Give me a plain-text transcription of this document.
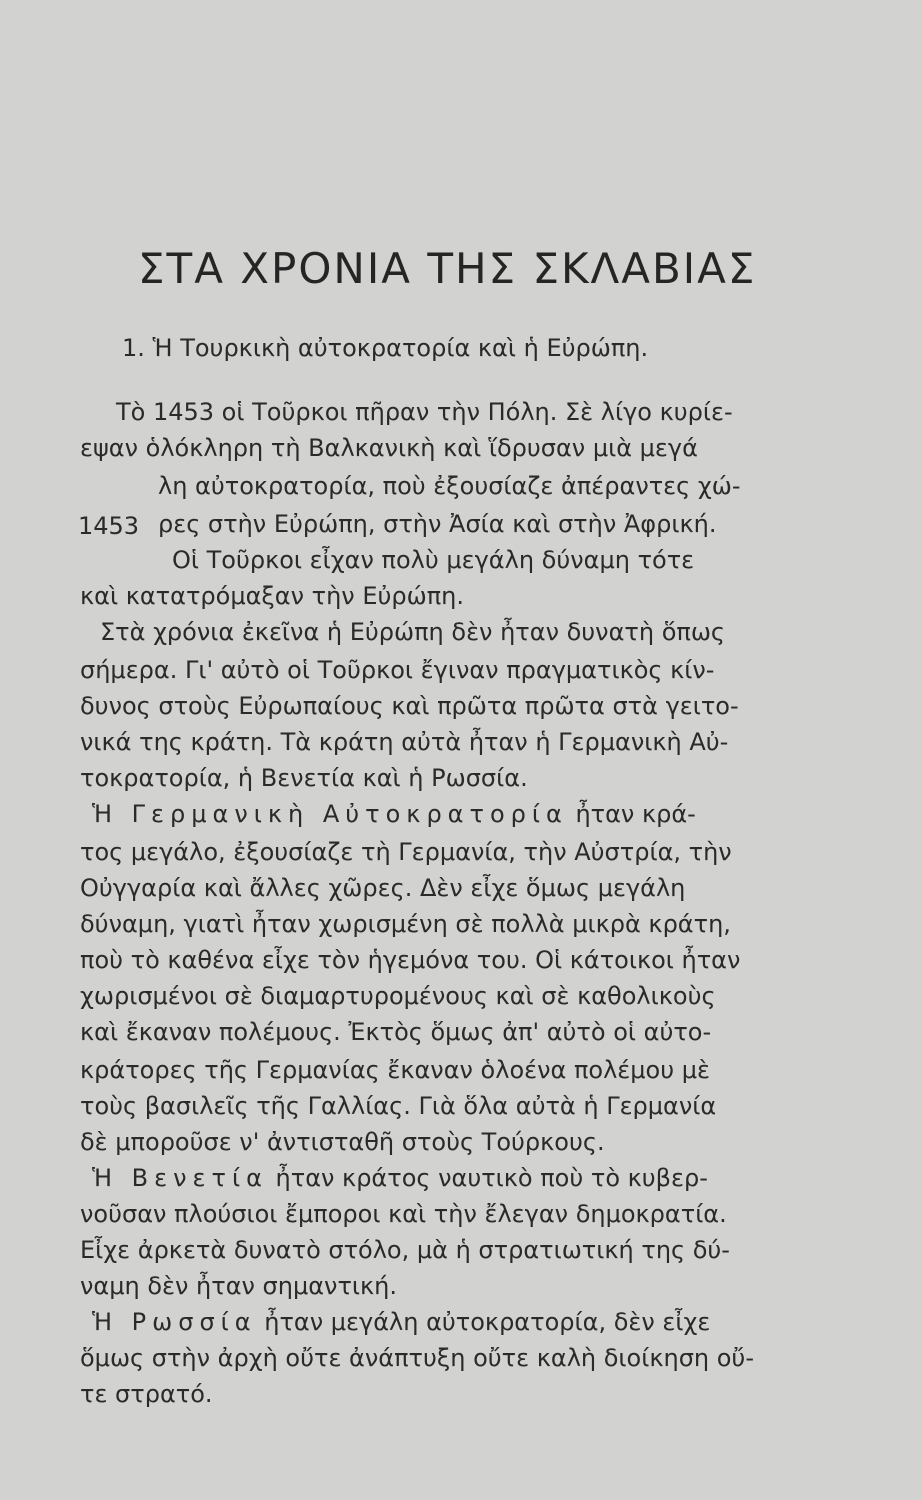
ΣΤΑ ΧΡΟΝΙΑ ΤΗΣ ΣΚΛΑΒΙΑΣ
1. Ἡ Τουρκικὴ αὐτοκρατορία καὶ ἡ Εὐρώπη.
1453
Τὸ 1453 οἱ Τοῦρκοι πῆραν τὴν Πόλη. Σὲ λίγο κυρίε-
εψαν ὁλόκληρη τὴ Βαλκανικὴ καὶ ἵδρυσαν μιὰ μεγά
λη αὐτοκρατορία, ποὺ ἐξουσίαζε ἀπέραντες χώ-
ρες στὴν Εὐρώπη, στὴν Ἀσία καὶ στὴν Ἀφρική.
Οἱ Τοῦρκοι εἶχαν πολὺ μεγάλη δύναμη τότε
καὶ κατατρόμαξαν τὴν Εὐρώπη.
Στὰ χρόνια ἐκεῖνα ἡ Εὐρώπη δὲν ἦταν δυνατὴ ὅπως
σήμερα. Γι' αὐτὸ οἱ Τοῦρκοι ἔγιναν πραγματικὸς κίν-
δυνος στοὺς Εὐρωπαίους καὶ πρῶτα πρῶτα στὰ γειτο-
νικά της κράτη. Τὰ κράτη αὐτὰ ἦταν ἡ Γερμανικὴ Αὐ-
τοκρατορία, ἡ Βενετία καὶ ἡ Ρωσσία.
Ἡ Γερμανικὴ Αὐτοκρατορία ἦταν κρά-
τος μεγάλο, ἐξουσίαζε τὴ Γερμανία, τὴν Αὐστρία, τὴν
Οὐγγαρία καὶ ἄλλες χῶρες. Δὲν εἶχε ὅμως μεγάλη
δύναμη, γιατὶ ἦταν χωρισμένη σὲ πολλὰ μικρὰ κράτη,
ποὺ τὸ καθένα εἶχε τὸν ἡγεμόνα του. Οἱ κάτοικοι ἦταν
χωρισμένοι σὲ διαμαρτυρομένους καὶ σὲ καθολικοὺς
καὶ ἔκαναν πολέμους. Ἐκτὸς ὅμως ἀπ' αὐτὸ οἱ αὐτο-
κράτορες τῆς Γερμανίας ἔκαναν ὁλοένα πολέμου μὲ
τοὺς βασιλεῖς τῆς Γαλλίας. Γιὰ ὅλα αὐτὰ ἡ Γερμανία
δὲ μποροῦσε ν' ἀντισταθῆ στοὺς Τούρκους.
Ἡ Βενετία ἦταν κράτος ναυτικὸ ποὺ τὸ κυβερ-
νοῦσαν πλούσιοι ἔμποροι καὶ τὴν ἔλεγαν δημοκρατία.
Εἶχε ἀρκετὰ δυνατὸ στόλο, μὰ ἡ στρατιωτική της δύ-
ναμη δὲν ἦταν σημαντική.
Ἡ Ρωσσία ἦταν μεγάλη αὐτοκρατορία, δὲν εἶχε
ὅμως στὴν ἀρχὴ οὔτε ἀνάπτυξη οὔτε καλὴ διοίκηση οὔ-
τε στρατό.
